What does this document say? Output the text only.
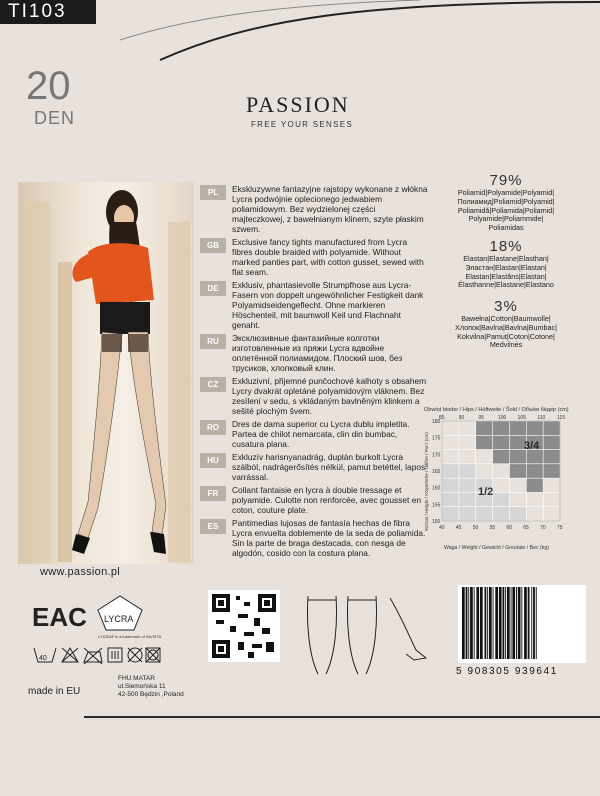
TI103
20
DEN
PASSION
FREE YOUR SENSES
www.passion.pl
PL	Ekskluzywne fantazyjne rajstopy wykonane z włókna Lycra podwójnie oplecionego jedwabiem poliamidowym. Bez wydzielonej części majteczkowej, z bawełnianym klinem, szyte płaskim szwem.
GB	Exclusive fancy tights manufactured from Lycra fibres double braided with polyamide. Without marked panties part, with cotton gusset, sewed with flat seam.
DE	Exklusiv, phantasievolle Strumpfhose aus Lycra-Fasern von doppelt ungewöhnlicher Festigkeit dank Polyamidseidengeflecht. Ohne markieren Höschenteil, mit baumwoll Keil und Flachnaht genaht.
RU	Эксклюзивные фантазийные колготки изготовленные из пряжи Lycra вдвойне оплетённой полиамидом. Плоский шов, без трусиков, хлопковый клин.
CZ	Exkluzivní, přijemné punčochové kalhoty s obsahem Lycry dvakrát opletáné polyamidovým vláknem. Bez zesílení v sedu, s vkládaným bavlněným klinkem a sešité plochým švem.
RO	Dres de dama superior cu Lycra dublu impletita. Partea de chilot nemarcata, clin din bumbac, cusatura plana.
HU	Exkluzív harisnyanadrág, duplán burkolt Lycra szálból, nadrágerősítés nélkül, pamut betéttel, lapos varrással.
FR	Collant fantaisie en lycra à double tressage et polyamide. Culotte non renforcée, avec gousset en coton, couture plate.
ES	Pantimedias lujosas de fantasía hechas de fibra Lycra envuelta doblemente de la seda de poliamida. Sin la parte de braga destacada, con nesga de algodón, cosido con la costura plana.
79%
Poliamid|Polyamide|Polyamid|
Полиамид|Poliamid|Polyamid|
Poliamidă|Poliamida|Poliamid|
Polyamide|Poliammide|
Poliamidas
18%
Elastan|Elastane|Elasthan|
Эластан|Elastan|Elastan|
Elastan|Elastăns|Elastan|
Élasthanne|Elastane|Elastano
3%
Bawełna|Cotton|Baumwolle|
Хлопок|Bavlna|Bavlna|Bumbac|
Kokvilna|Pamut|Coton|Cotone|
Medvilnės
Obwód bioder / Hips / Hüftweite / Šold / Объём бёдер (cm)
85	90	95	100 105 110 115
180
175
170
165
160
155
150
40 45 50 55 60 65 70 75
1/2
3/4
Wzrost / Height / Körpehöhe / Nálfne / Рост (cm)
Waga / Weight / Gewicht / Greutate / Вес (kg)
EAC LYCRA
LYCRA® is a trademark of INVISTA
40
made in EU
FHU MATAR
ul.Siemońska 11
42-500 Będzin ,Poland
5 908305 939641
